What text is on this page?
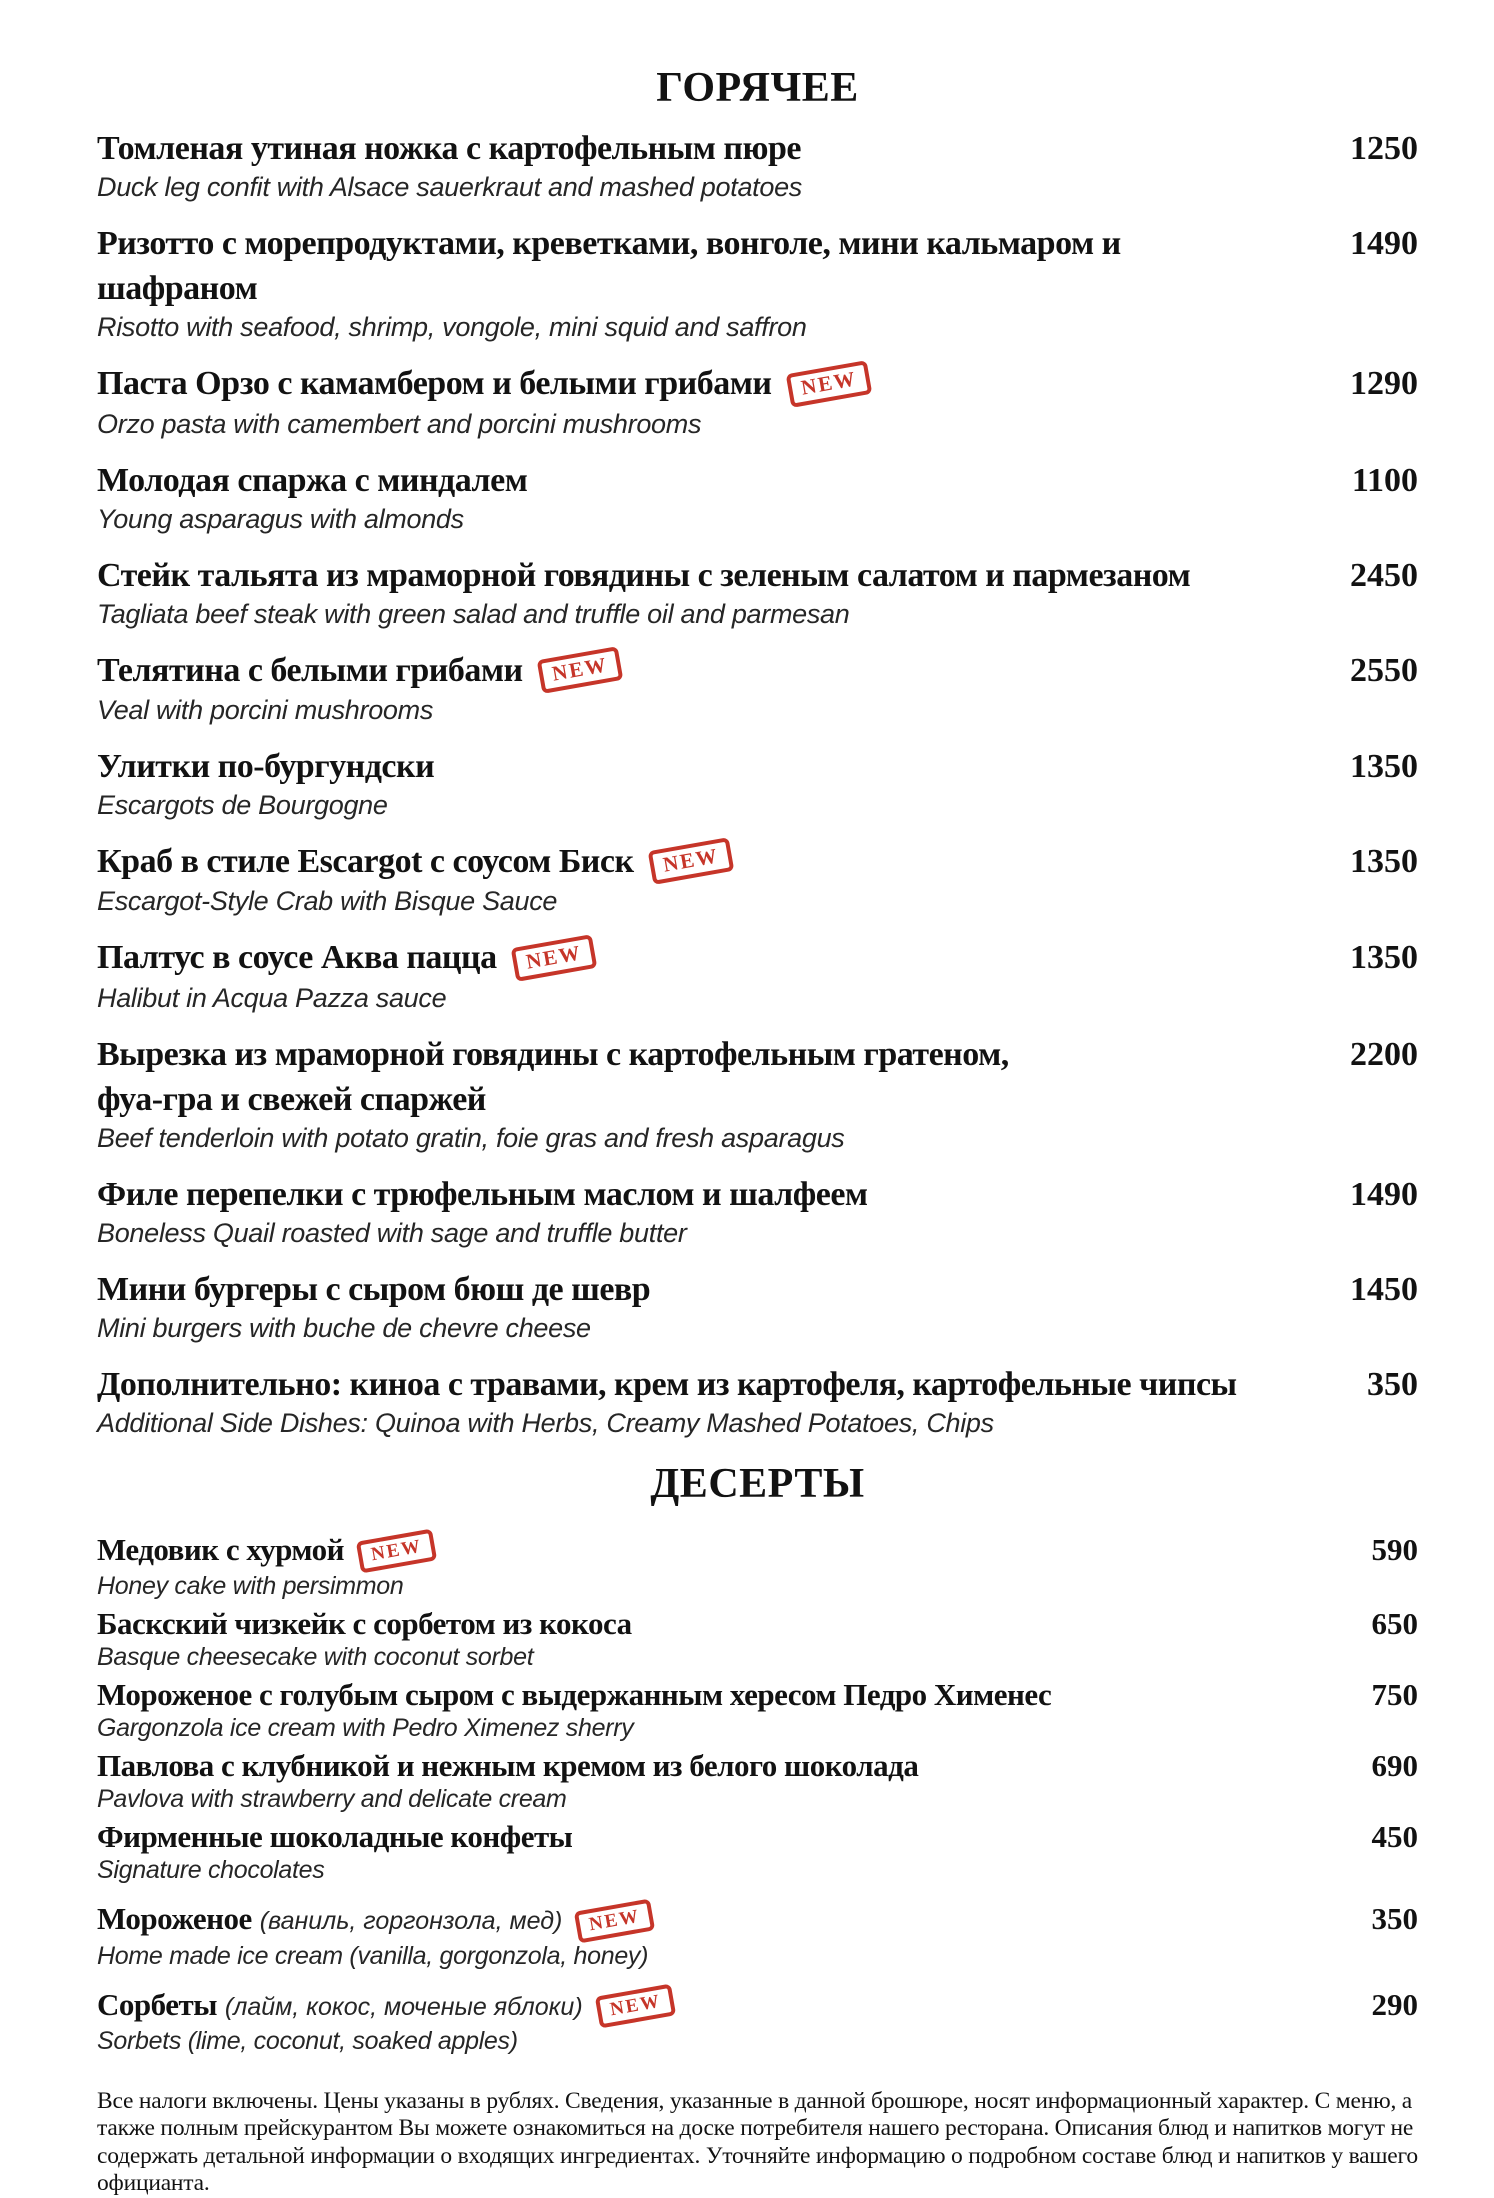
ГОРЯЧЕЕ
Томленая утиная ножка с картофельным пюре	1250
Duck leg confit with Alsace sauerkraut and mashed potatoes
Ризотто с морепродуктами, креветками, вонголе, мини кальмаром и шафраном
1490
Risotto with seafood, shrimp, vongole, mini squid and saffron
Паста Орзо с камамбером и белыми грибами NEW	1290
Orzo pasta with camembert and porcini mushrooms
Молодая спаржа с миндалем	1100
Young asparagus with almonds
Стейк тальята из мраморной говядины с зеленым салатом и пармезаном	2450
Tagliata beef steak with green salad and truffle oil and parmesan
Телятина с белыми грибами NEW	2550
Veal with porcini mushrooms
Улитки по-бургундски	1350
Escargots de Bourgogne
Краб в стиле Escargot с соусом Биск NEW	1350
Escargot-Style Crab with Bisque Sauce
Палтус в соусе Аква пацца NEW	1350
Halibut in Acqua Pazza sauce
Вырезка из мраморной говядины с картофельным гратеном,
фуа-гра и свежей спаржей
2200
Beef tenderloin with potato gratin, foie gras and fresh asparagus
Филе перепелки с трюфельным маслом и шалфеем	1490
Boneless Quail roasted with sage and truffle butter
Мини бургеры с сыром бюш де шевр	1450
Mini burgers with buche de chevre cheese
Дополнительно: киноа с травами, крем из картофеля, картофельные чипсы	350
Additional Side Dishes: Quinoa with Herbs, Creamy Mashed Potatoes, Chips
ДЕСЕРТЫ
Медовик с хурмой NEW	590
Honey cake with persimmon
Баскский чизкейк с сорбетом из кокоса	650
Basque cheesecake with coconut sorbet
Мороженое с голубым сыром с выдержанным хересом Педро Хименес	750
Gargonzola ice cream with Pedro Ximenez sherry
Павлова с клубникой и нежным кремом из белого шоколада	690
Pavlova with strawberry and delicate cream
Фирменные шоколадные конфеты	450
Signature chocolates
Мороженое (ваниль, горгонзола, мед) NEW	350
Home made ice cream (vanilla, gorgonzola, honey)
Сорбеты (лайм, кокос, моченые яблоки) NEW	290
Sorbets (lime, coconut, soaked apples)

Все налоги включены. Цены указаны в рублях. Сведения, указанные в данной брошюре, носят информационный характер. С меню, а также полным прейскурантом Вы можете ознакомиться на доске потребителя нашего ресторана. Описания блюд и напитков могут не содержать детальной информации о входящих ингредиентах. Уточняйте информацию о подробном составе блюд и напитков у вашего официанта.
